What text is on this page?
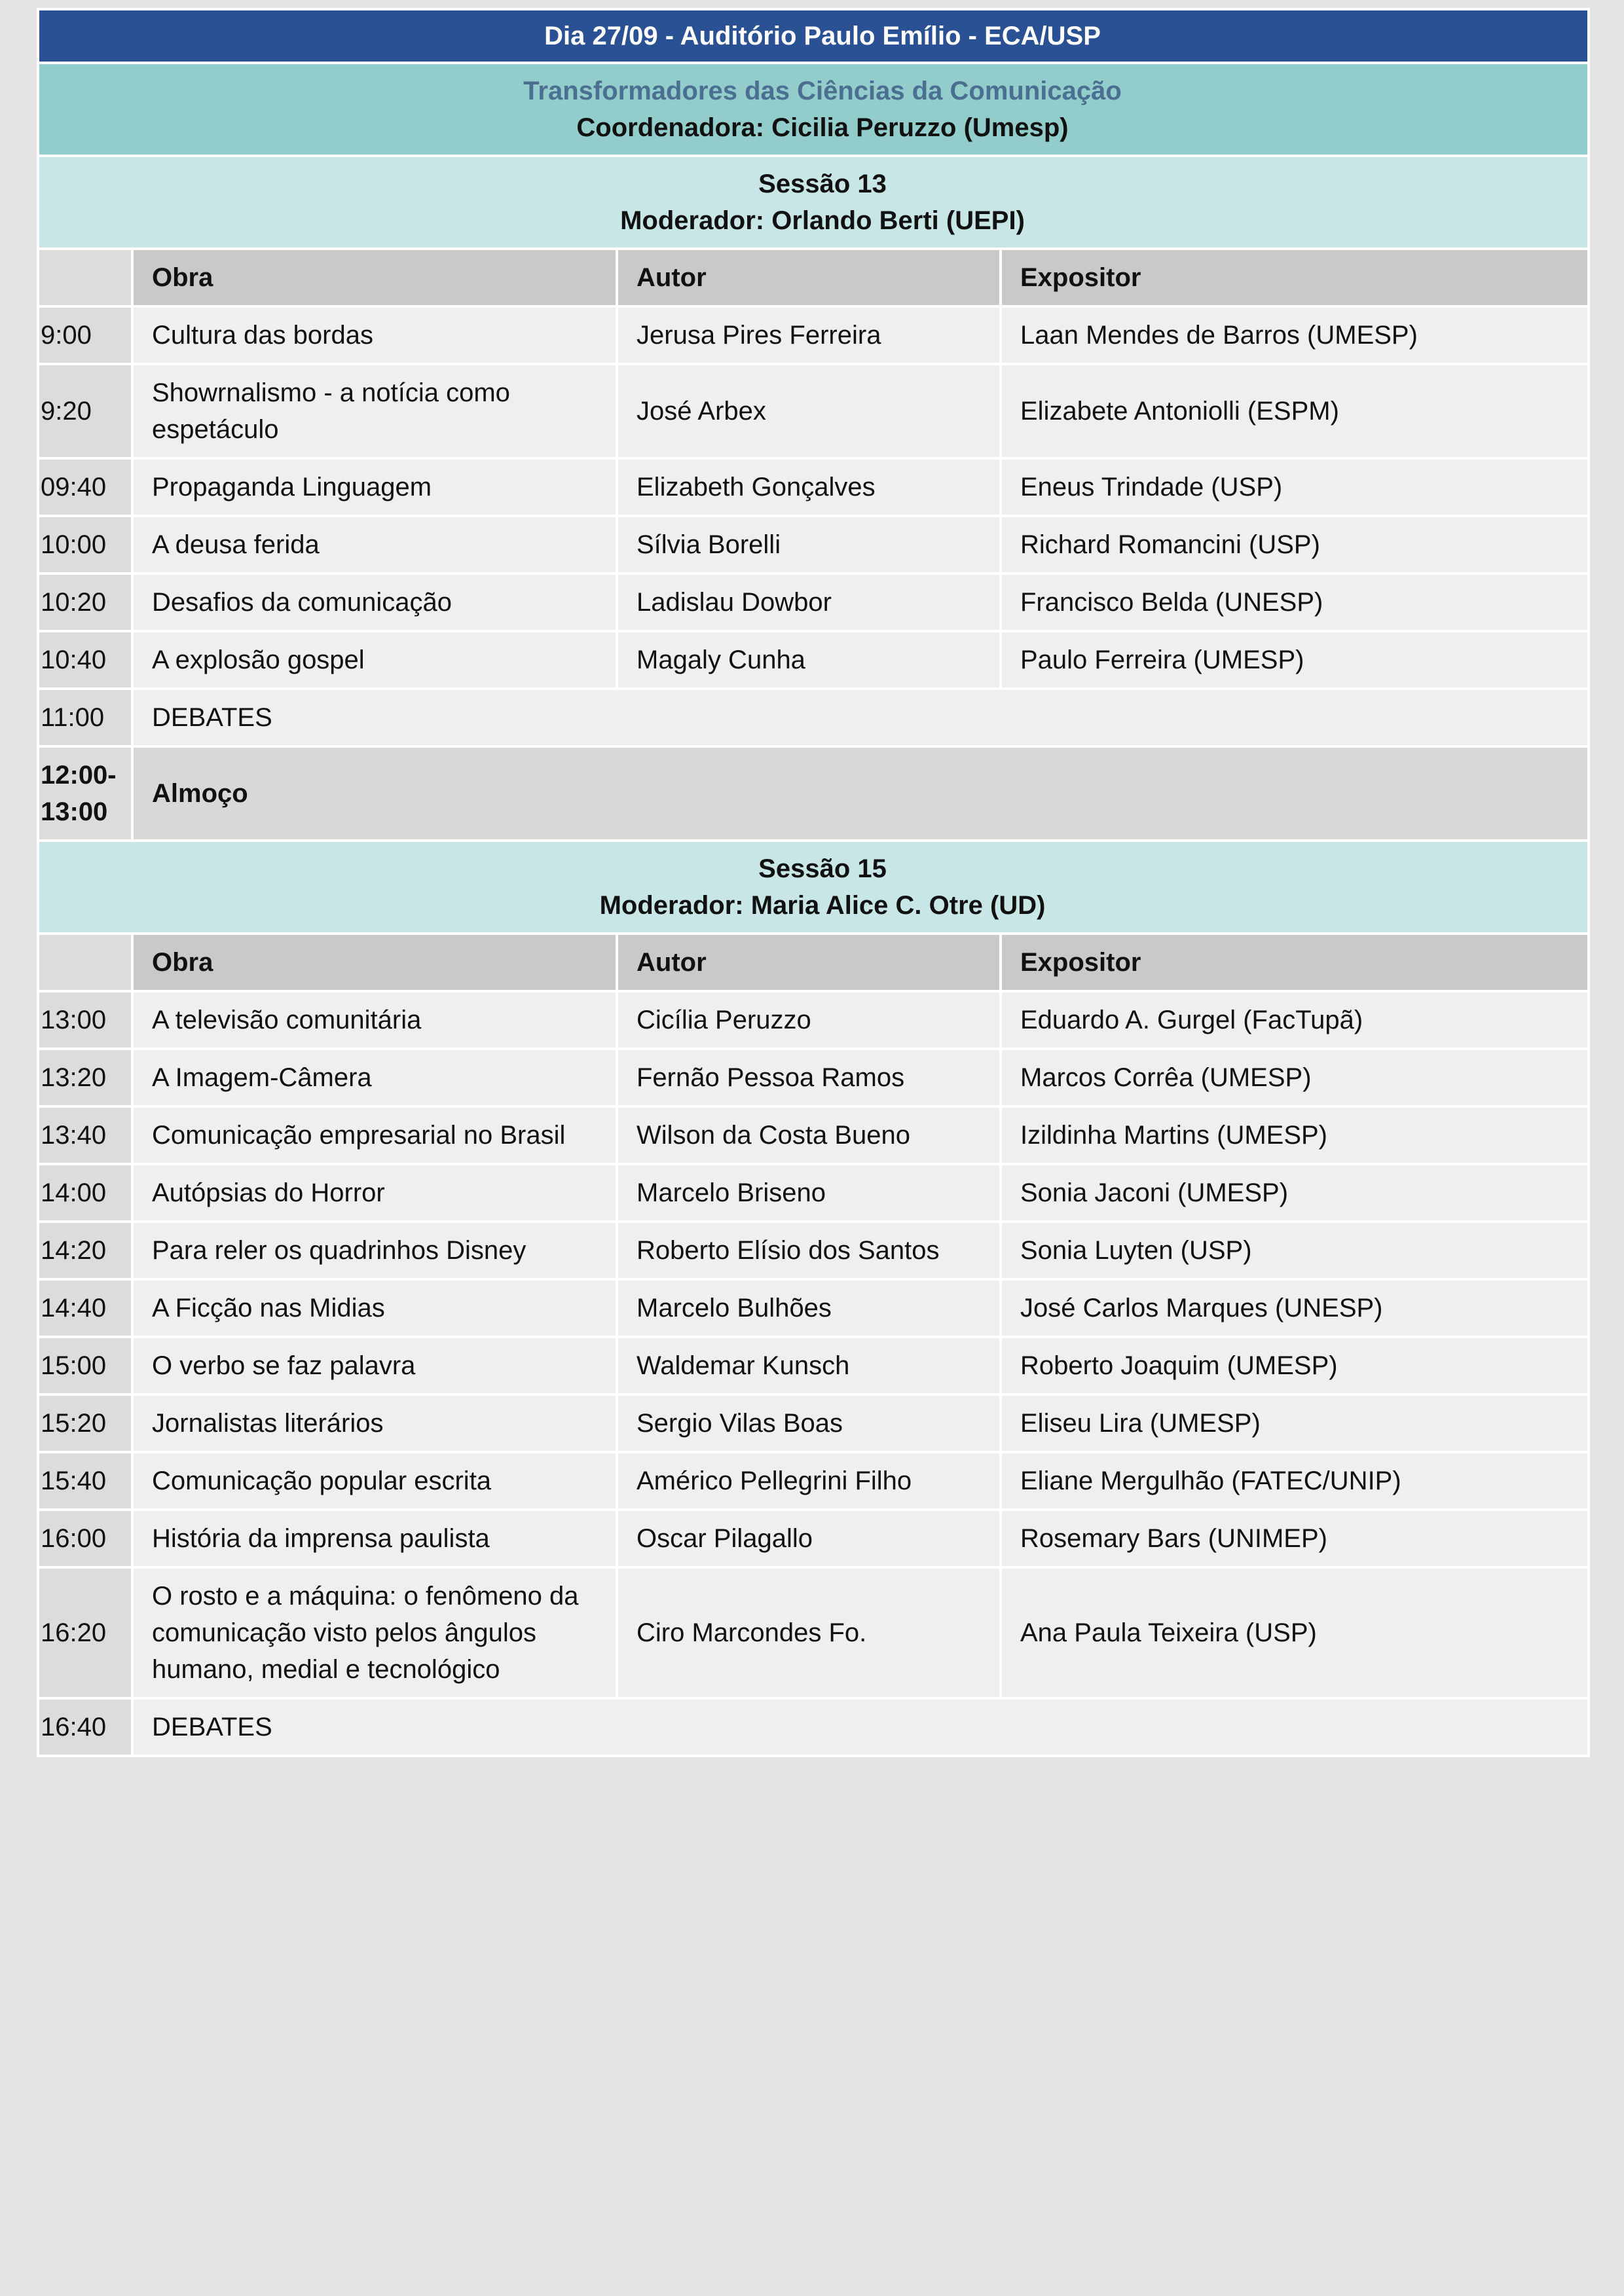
Dia 27/09 - Auditório Paulo Emílio - ECA/USP			

Transformadores das Ciências da Comunicação
Coordenadora: Cicilia Peruzzo (Umesp)			

Sessão 13
Moderador: Orlando Berti (UEPI)			

	Obra	Autor	Expositor
9:00	Cultura das bordas	Jerusa Pires Ferreira	Laan Mendes de Barros (UMESP)
9:20	Showrnalismo - a notícia como espetáculo	José Arbex	Elizabete Antoniolli (ESPM)
09:40	Propaganda Linguagem	Elizabeth Gonçalves	Eneus Trindade (USP)
10:00	A deusa ferida	Sílvia Borelli	Richard Romancini (USP)
10:20	Desafios da comunicação	Ladislau Dowbor	Francisco Belda (UNESP)
10:40	A explosão gospel	Magaly Cunha	Paulo Ferreira (UMESP)
11:00	DEBATES		

12:00-
13:00	Almoço		

Sessão 15
Moderador: Maria Alice C. Otre (UD)			

	Obra	Autor	Expositor
13:00	A televisão comunitária	Cicília Peruzzo	Eduardo A. Gurgel (FacTupã)
13:20	A Imagem-Câmera	Fernão Pessoa Ramos	Marcos Corrêa (UMESP)
13:40	Comunicação empresarial no Brasil	Wilson da Costa Bueno	Izildinha Martins (UMESP)
14:00	Autópsias do Horror	Marcelo Briseno	Sonia Jaconi (UMESP)
14:20	Para reler os quadrinhos Disney	Roberto Elísio dos Santos	Sonia Luyten (USP)
14:40	A Ficção nas Midias	Marcelo Bulhões	José Carlos Marques (UNESP)
15:00	O verbo se faz palavra	Waldemar Kunsch	Roberto Joaquim (UMESP)
15:20	Jornalistas literários	Sergio Vilas Boas	Eliseu Lira (UMESP)
15:40	Comunicação popular escrita	Américo Pellegrini Filho	Eliane Mergulhão (FATEC/UNIP)
16:00	História da imprensa paulista	Oscar Pilagallo	Rosemary Bars (UNIMEP)
16:20	O rosto e a máquina: o fenômeno da comunicação visto pelos ângulos humano, medial e tecnológico	Ciro Marcondes Fo.	Ana Paula Teixeira (USP)
16:40	DEBATES		
